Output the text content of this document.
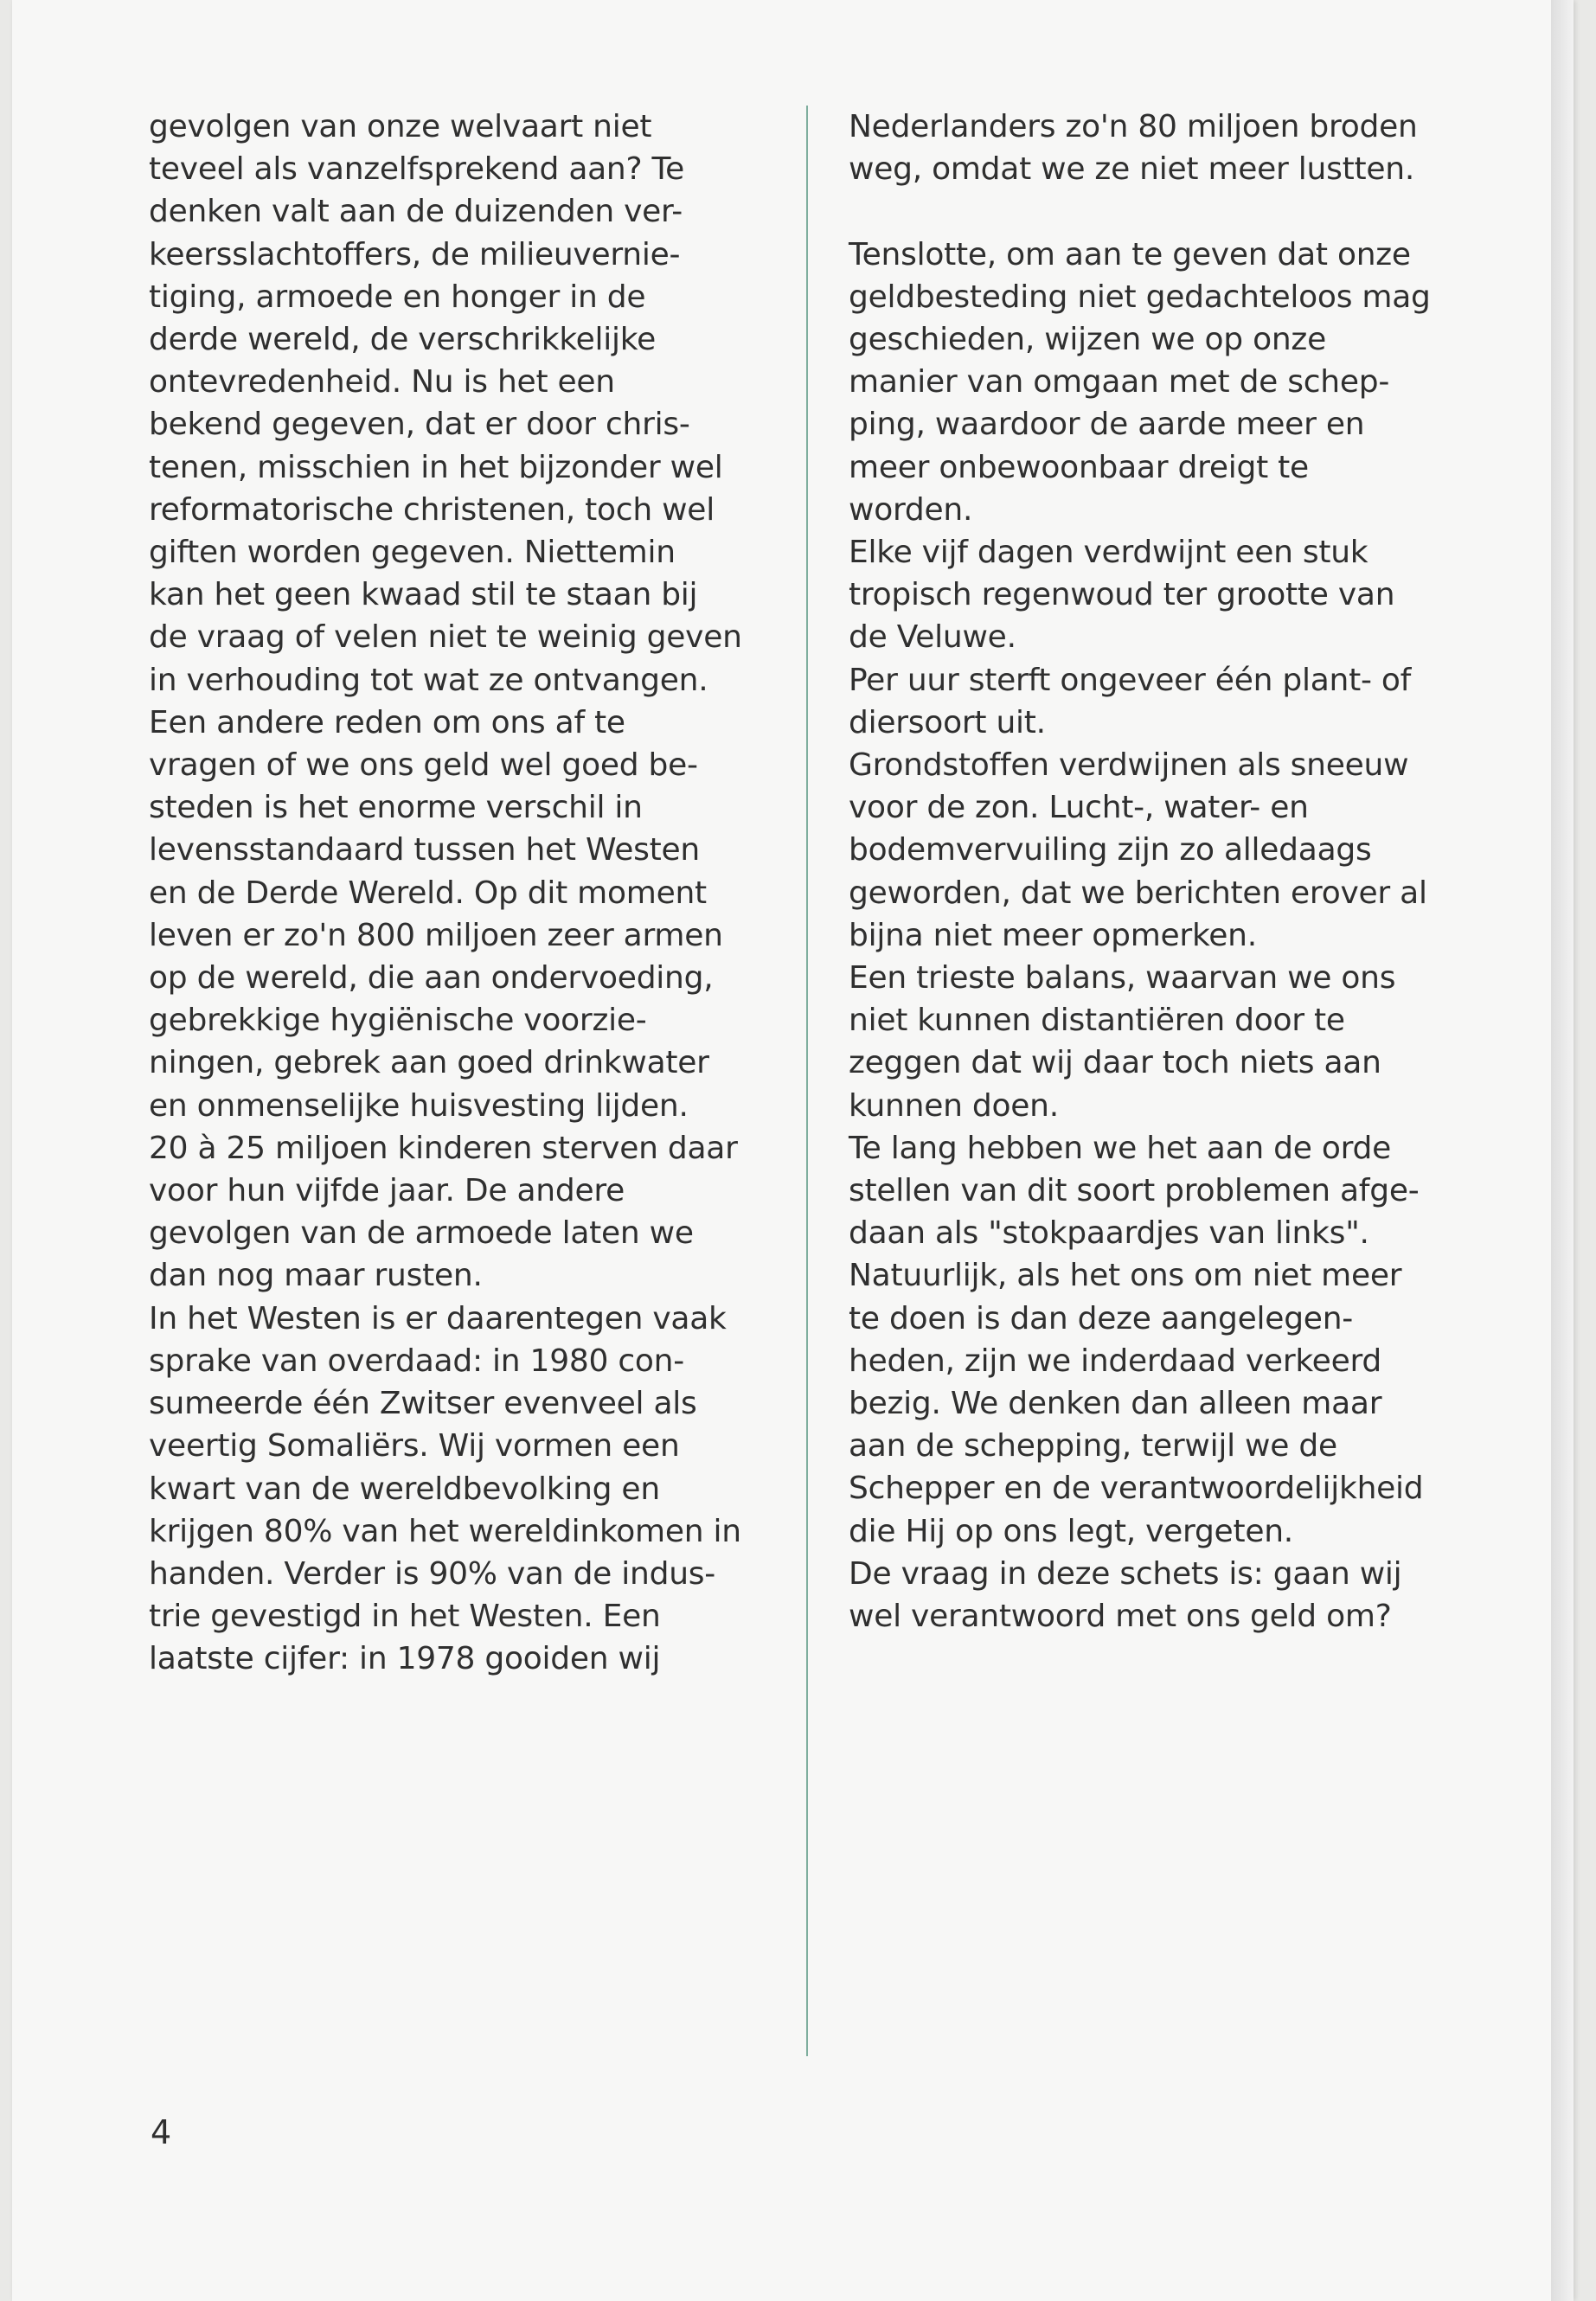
gevolgen van onze welvaart niet
teveel als vanzelfsprekend aan? Te
denken valt aan de duizenden ver-
keersslachtoffers, de milieuvernie-
tiging, armoede en honger in de
derde wereld, de verschrikkelijke
ontevredenheid. Nu is het een
bekend gegeven, dat er door chris-
tenen, misschien in het bijzonder wel
reformatorische christenen, toch wel
giften worden gegeven. Niettemin
kan het geen kwaad stil te staan bij
de vraag of velen niet te weinig geven
in verhouding tot wat ze ontvangen.
Een andere reden om ons af te
vragen of we ons geld wel goed be-
steden is het enorme verschil in
levensstandaard tussen het Westen
en de Derde Wereld. Op dit moment
leven er zo'n 800 miljoen zeer armen
op de wereld, die aan ondervoeding,
gebrekkige hygiënische voorzie-
ningen, gebrek aan goed drinkwater
en onmenselijke huisvesting lijden.
20 à 25 miljoen kinderen sterven daar
voor hun vijfde jaar. De andere
gevolgen van de armoede laten we
dan nog maar rusten.
In het Westen is er daarentegen vaak
sprake van overdaad: in 1980 con-
sumeerde één Zwitser evenveel als
veertig Somaliërs. Wij vormen een
kwart van de wereldbevolking en
krijgen 80% van het wereldinkomen in
handen. Verder is 90% van de indus-
trie gevestigd in het Westen. Een
laatste cijfer: in 1978 gooiden wij
Nederlanders zo'n 80 miljoen broden
weg, omdat we ze niet meer lustten.
Tenslotte, om aan te geven dat onze
geldbesteding niet gedachteloos mag
geschieden, wijzen we op onze
manier van omgaan met de schep-
ping, waardoor de aarde meer en
meer onbewoonbaar dreigt te
worden.
Elke vijf dagen verdwijnt een stuk
tropisch regenwoud ter grootte van
de Veluwe.
Per uur sterft ongeveer één plant- of
diersoort uit.
Grondstoffen verdwijnen als sneeuw
voor de zon. Lucht-, water- en
bodemvervuiling zijn zo alledaags
geworden, dat we berichten erover al
bijna niet meer opmerken.
Een trieste balans, waarvan we ons
niet kunnen distantiëren door te
zeggen dat wij daar toch niets aan
kunnen doen.
Te lang hebben we het aan de orde
stellen van dit soort problemen afge-
daan als "stokpaardjes van links".
Natuurlijk, als het ons om niet meer
te doen is dan deze aangelegen-
heden, zijn we inderdaad verkeerd
bezig. We denken dan alleen maar
aan de schepping, terwijl we de
Schepper en de verantwoordelijkheid
die Hij op ons legt, vergeten.
De vraag in deze schets is: gaan wij
wel verantwoord met ons geld om?
4
